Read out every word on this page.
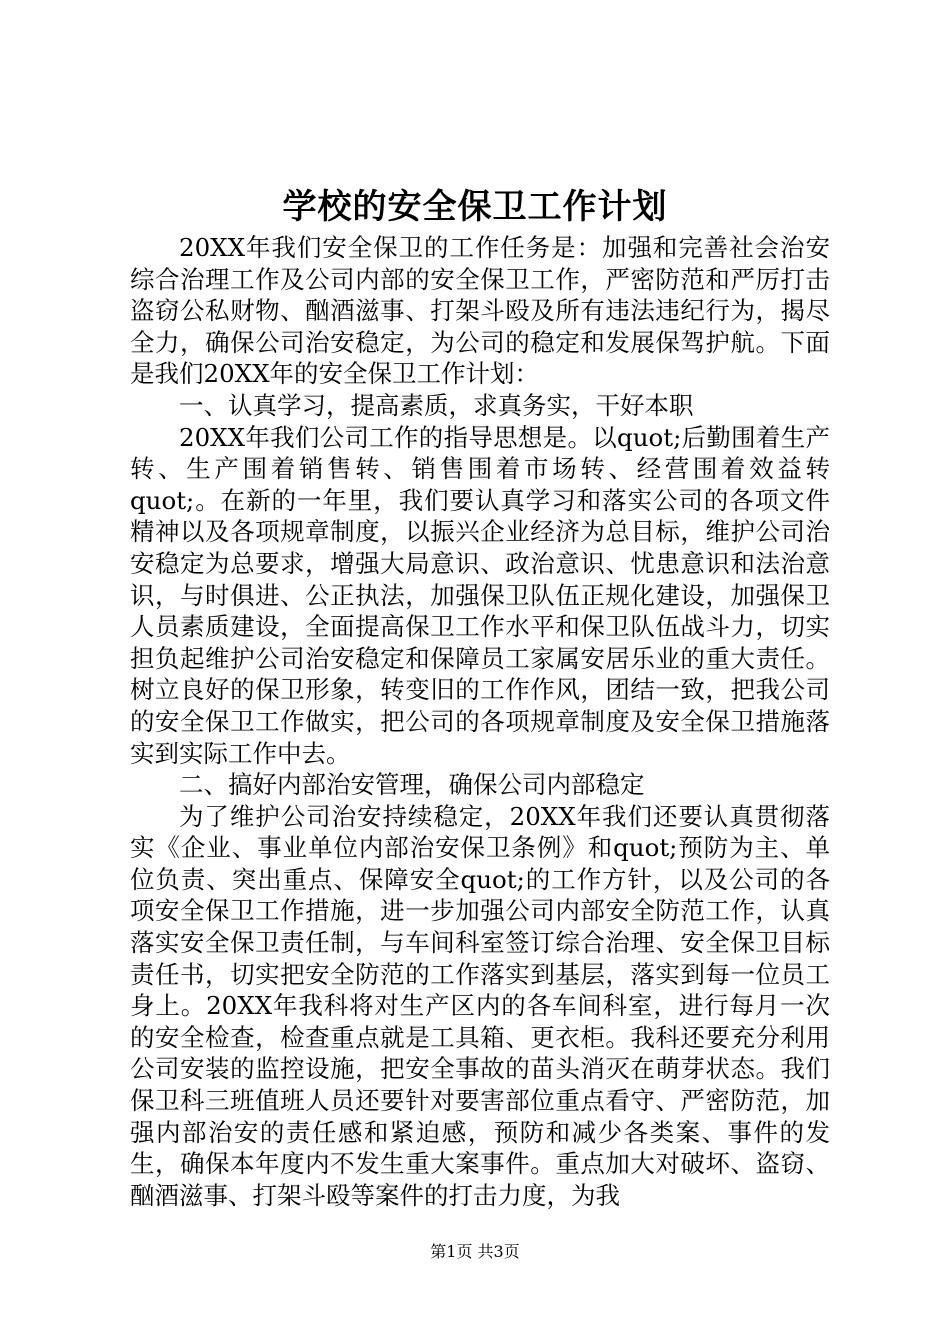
学校的安全保卫工作计划

20XX年我们安全保卫的工作任务是：加强和完善社会治安综合治理工作及公司内部的安全保卫工作，严密防范和严厉打击盗窃公私财物、酗酒滋事、打架斗殴及所有违法违纪行为，揭尽全力，确保公司治安稳定，为公司的稳定和发展保驾护航。下面是我们20XX年的安全保卫工作计划：

一、认真学习，提高素质，求真务实，干好本职

20XX年我们公司工作的指导思想是。以quot;后勤围着生产转、生产围着销售转、销售围着市场转、经营围着效益转quot;。在新的一年里，我们要认真学习和落实公司的各项文件精神以及各项规章制度，以振兴企业经济为总目标，维护公司治安稳定为总要求，增强大局意识、政治意识、忧患意识和法治意识，与时俱进、公正执法，加强保卫队伍正规化建设，加强保卫人员素质建设，全面提高保卫工作水平和保卫队伍战斗力，切实担负起维护公司治安稳定和保障员工家属安居乐业的重大责任。树立良好的保卫形象，转变旧的工作作风，团结一致，把我公司的安全保卫工作做实，把公司的各项规章制度及安全保卫措施落实到实际工作中去。

二、搞好内部治安管理，确保公司内部稳定

为了维护公司治安持续稳定，20XX年我们还要认真贯彻落实《企业、事业单位内部治安保卫条例》和quot;预防为主、单位负责、突出重点、保障安全quot;的工作方针，以及公司的各项安全保卫工作措施，进一步加强公司内部安全防范工作，认真落实安全保卫责任制，与车间科室签订综合治理、安全保卫目标责任书，切实把安全防范的工作落实到基层，落实到每一位员工身上。20XX年我科将对生产区内的各车间科室，进行每月一次的安全检查，检查重点就是工具箱、更衣柜。我科还要充分利用公司安装的监控设施，把安全事故的苗头消灭在萌芽状态。我们保卫科三班值班人员还要针对要害部位重点看守、严密防范，加强内部治安的责任感和紧迫感，预防和减少各类案、事件的发生，确保本年度内不发生重大案事件。重点加大对破坏、盗窃、酗酒滋事、打架斗殴等案件的打击力度，为我

第1页 共3页
